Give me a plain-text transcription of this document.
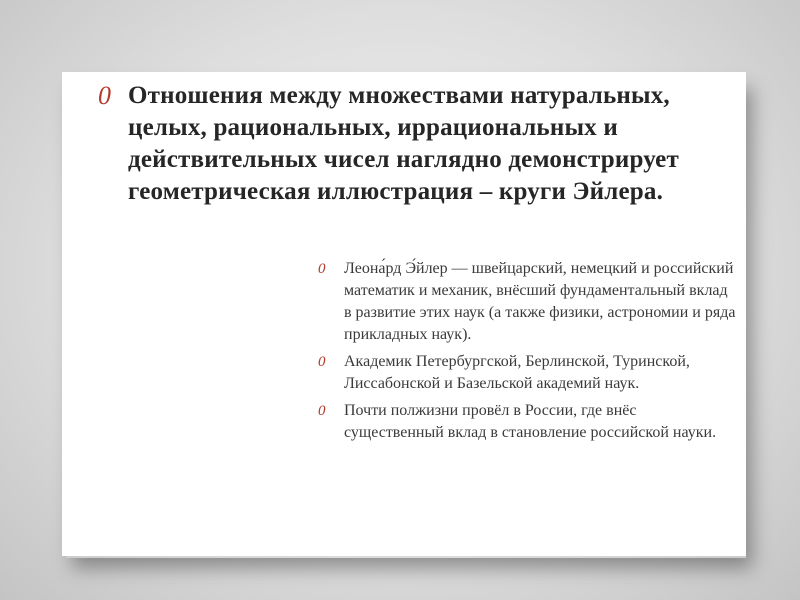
0 Отношения между множествами натуральных, целых, рациональных, иррациональных и действительных чисел наглядно демонстрирует геометрическая иллюстрация – круги Эйлера.
0	Леона́рд Э́йлер — швейцарский, немецкий и российский математик и механик, внёсший фундаментальный вклад в развитие этих наук (а также физики, астрономии и ряда прикладных наук).
0	Академик Петербургской, Берлинской, Туринской, Лиссабонской и Базельской академий наук.
0	Почти полжизни провёл в России, где внёс существенный вклад в становление российской науки.
